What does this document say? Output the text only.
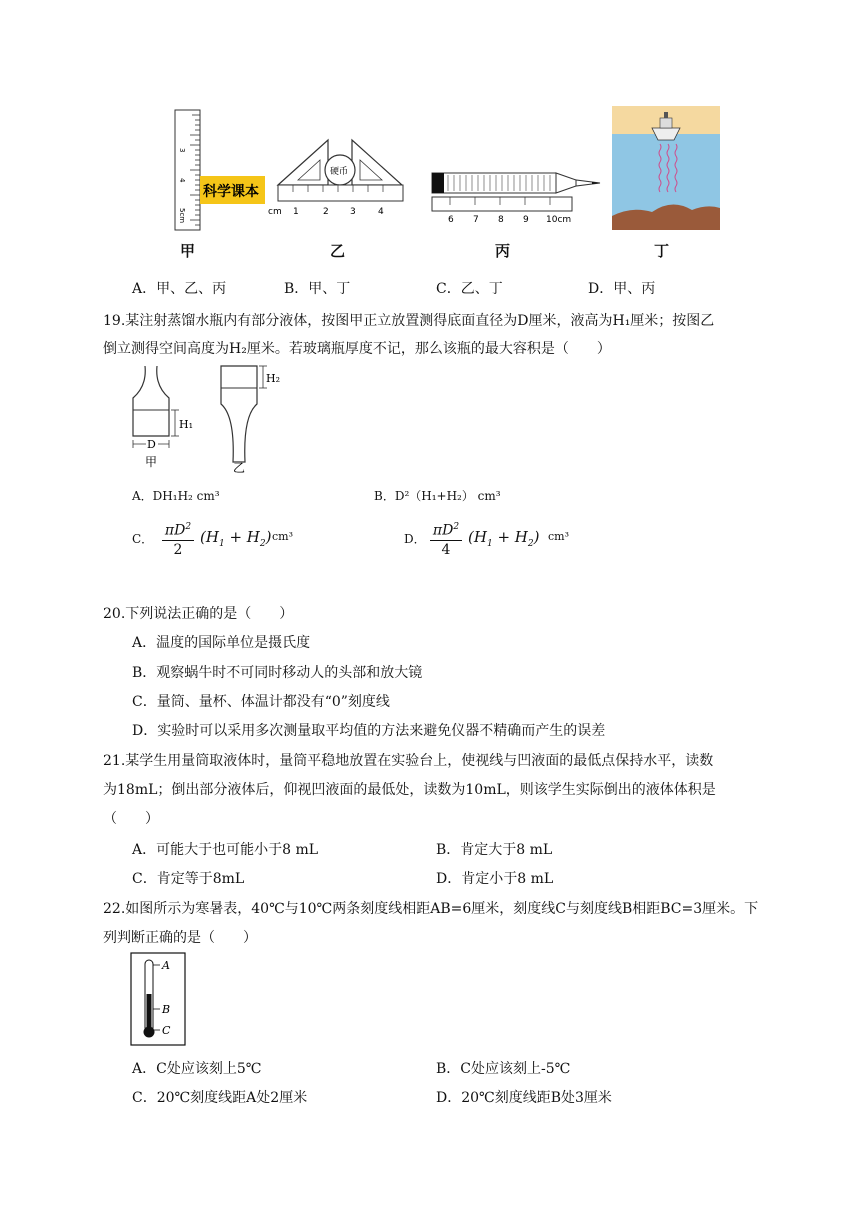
3
4
5cm
科学课本
甲
硬币
cm 1	2 3 4
乙
6 7 8 9 10cm
丙	丁
A．甲、乙、丙	B．甲、丁	C．乙、丁	D．甲、丙
19.某注射蒸馏水瓶内有部分液体，按图甲正立放置测得底面直径为D厘米，液高为H₁厘米；按图乙
倒立测得空间高度为H₂厘米。若玻璃瓶厚度不记，那么该瓶的最大容积是（　　）
H₁
D
甲
H₂
乙
A．DH₁H₂ cm³	B．D²（H₁+H₂） cm³
C．
$\pi D^2$
2
$(H_1 + H_2)$ cm³	D．
$\pi D^2$
4
$(H_1 + H_2)$ cm³
20.下列说法正确的是（　　）
A．温度的国际单位是摄氏度
B．观察蜗牛时不可同时移动人的头部和放大镜
C．量筒、量杯、体温计都没有“0”刻度线
D．实验时可以采用多次测量取平均值的方法来避免仪器不精确而产生的误差
21.某学生用量筒取液体时，量筒平稳地放置在实验台上，使视线与凹液面的最低点保持水平，读数
为18mL；倒出部分液体后，仰视凹液面的最低处，读数为10mL，则该学生实际倒出的液体体积是
（　　）
A．可能大于也可能小于8 mL	B．肯定大于8 mL
C．肯定等于8mL	D．肯定小于8 mL
22.如图所示为寒暑表，40℃与10℃两条刻度线相距AB=6厘米，刻度线C与刻度线B相距BC=3厘米。下
列判断正确的是（　　）
A
B
C
A．C处应该刻上5℃	B．C处应该刻上-5℃
C．20℃刻度线距A处2厘米	D．20℃刻度线距B处3厘米
